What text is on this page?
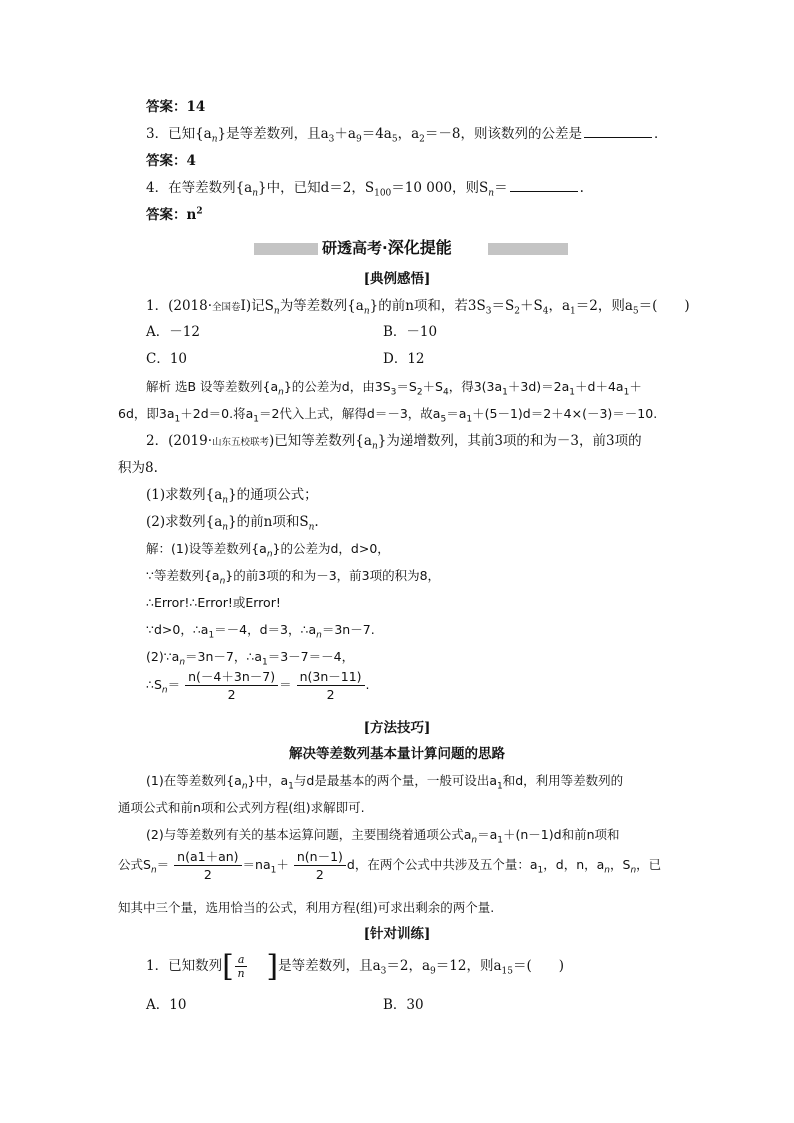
答案：14
3．已知$\{a_n\}$是等差数列，且$a_3+a_9=4a_5$，$a_2=-8$，则该数列的公差是	．
答案：4
4．在等差数列$\{a_n\}$中，已知d＝2，$S_{100}=10$ 000，则$S_n=$	.
答案：$n^2$
研透高考·深化提能
[典例感悟]
1．(2018·全国卷Ⅰ)记$S_n$为等差数列$\{a_n\}$的前n项和，若$3S_3=S_2+S_4$，$a_1=2$，则$a_5=$(　　)
A．－12	B．－10
C．10	D．12
解析 选B 设等差数列$\{a_n\}$的公差为d，由$3S_3=S_2+S_4$，得$3(3a_1+3d)=2a_1+d+4a_1+$
6d，即$3a_1+2d=0$.将$a_1=2$代入上式，解得d＝－3，故$a_5=a_1+(5-1)d=2+4\times(-3)=-10$.
2．(2019·山东五校联考)已知等差数列$\{a_n\}$为递增数列，其前3项的和为－3，前3项的
积为8.
(1)求数列$\{a_n\}$的通项公式；
(2)求数列$\{a_n\}$的前n项和$S_n$.
解：(1)设等差数列$\{a_n\}$的公差为d，d>0，
∵等差数列$\{a_n\}$的前3项的和为－3，前3项的积为8，
∴Error!∴Error!或Error!
∵d>0，$\therefore a_1=-4$，d＝3，$\therefore a_n=3n-7$.
$(2)\because a_n=3n-7$，$\therefore a_1=3-7=-4$，
$\therefore S_n= \frac{n(-4+3n-7)}{2} = \frac{n(3n-11)}{2}$ .
[方法技巧]
解决等差数列基本量计算问题的思路
(1)在等差数列$\{a_n\}$中，$a_1$与d是最基本的两个量，一般可设出$a_1$和d，利用等差数列的
通项公式和前n项和公式列方程(组)求解即可.
(2)与等差数列有关的基本运算问题，主要围绕着通项公式$a_n=a_1+(n-1)d$和前n项和
公式$S_n= \frac{n(a1+an)}{2} =na_1+ \frac{n(n-1)}{2}$ d，在两个公式中共涉及五个量：$a_1$，d，n，$a_n$，$S_n$，已
知其中三个量，选用恰当的公式，利用方程(组)可求出剩余的两个量.
[针对训练]
1．已知数列[ $\frac{a}{n}$ ]是等差数列，且$a_3=2$，$a_9=12$，则$a_{15}=$(　　)
A．10	B．30
